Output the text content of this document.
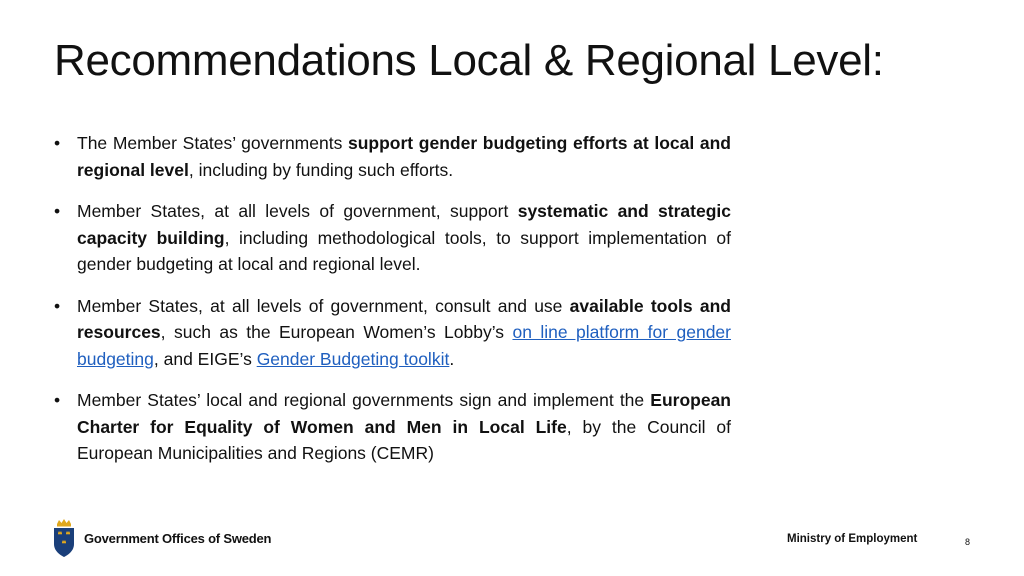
Recommendations Local & Regional Level:
• The Member States’ governments support gender budgeting efforts at local and regional level, including by funding such efforts.
• Member States, at all levels of government, support systematic and strategic capacity building, including methodological tools, to support implementation of gender budgeting at local and regional level.
• Member States, at all levels of government, consult and use available tools and resources, such as the European Women’s Lobby’s on line platform for gender budgeting, and EIGE’s Gender Budgeting toolkit.
• Member States’ local and regional governments sign and implement the European Charter for Equality of Women and Men in Local Life, by the Council of European Municipalities and Regions (CEMR)
Government Offices of Sweden	Ministry of Employment	8
